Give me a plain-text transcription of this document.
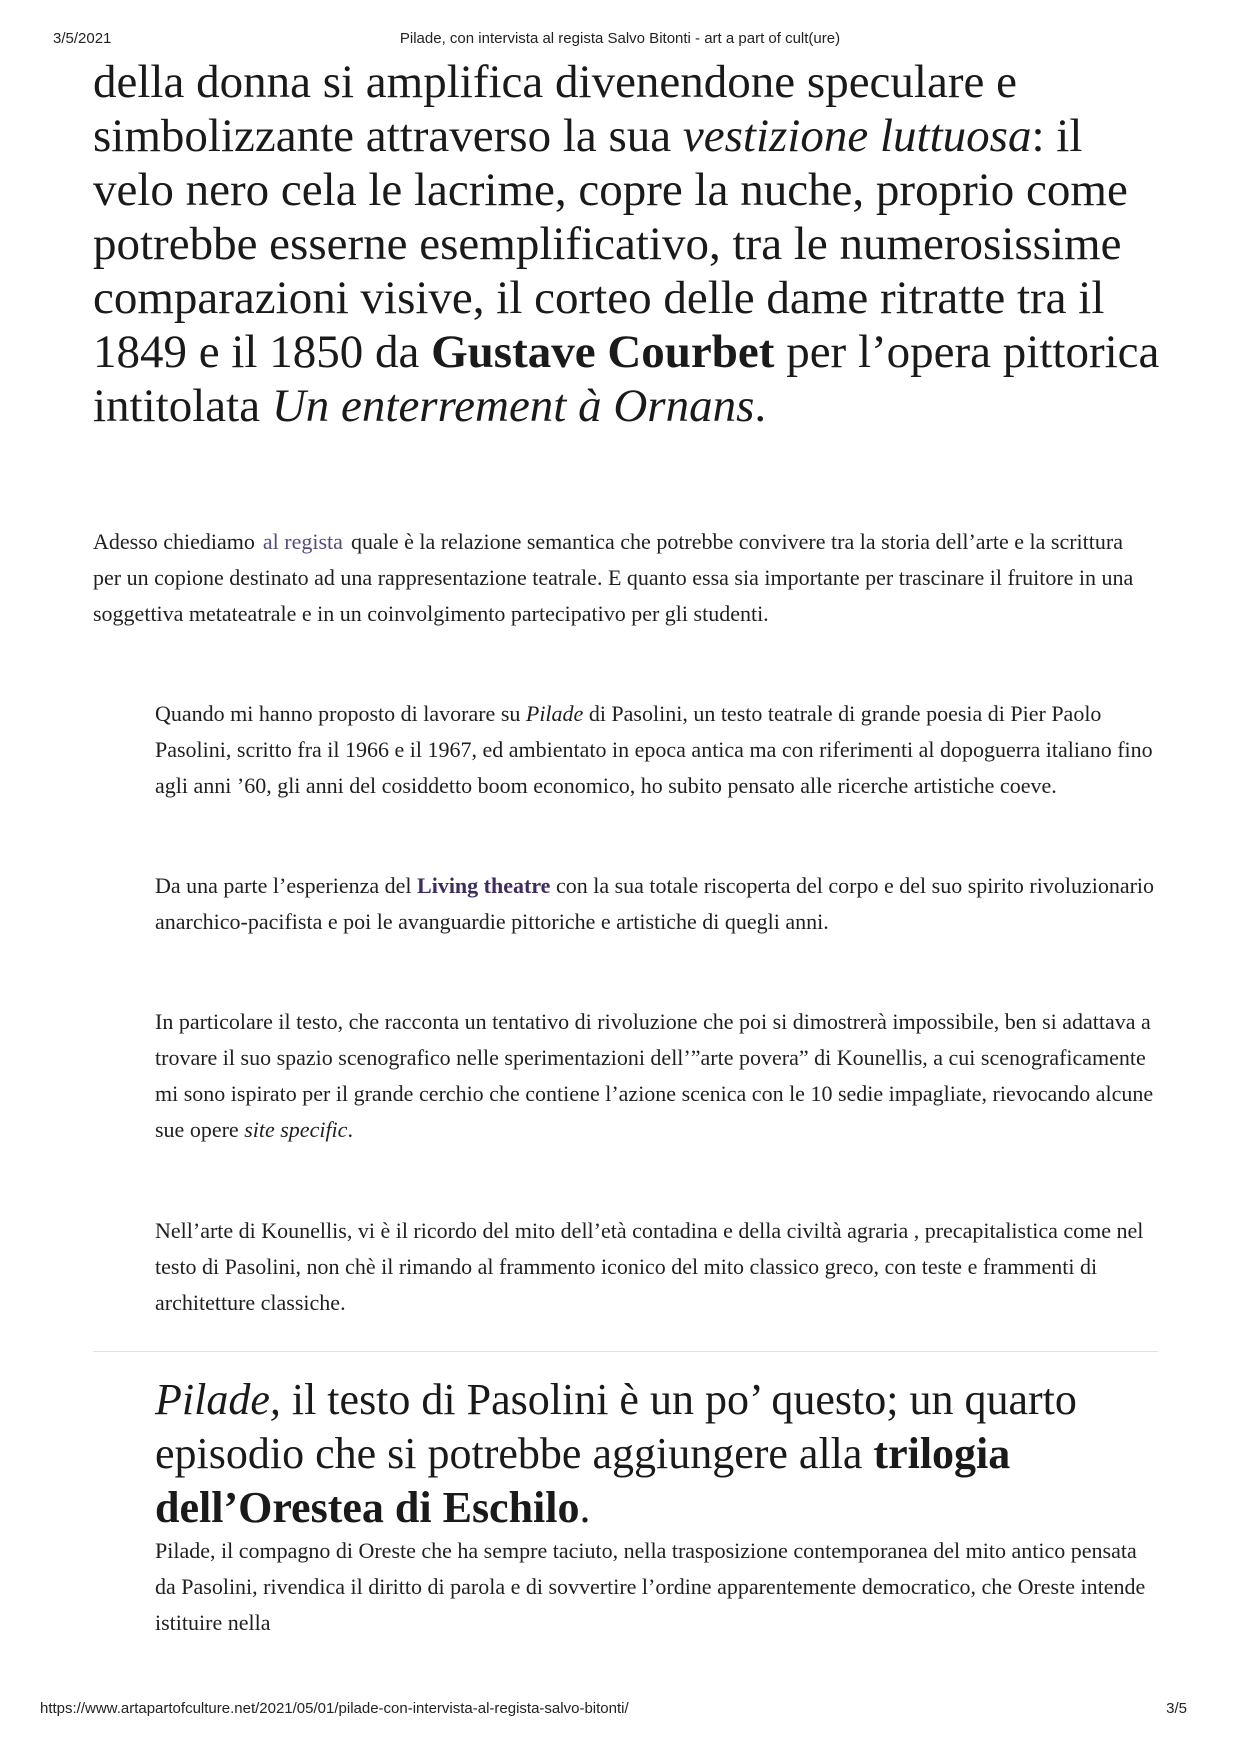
3/5/2021	Pilade, con intervista al regista Salvo Bitonti - art a part of cult(ure)

della donna si amplifica divenendone speculare e simbolizzante attraverso la sua vestizione luttuosa: il velo nero cela le lacrime, copre la nuche, proprio come potrebbe esserne esemplificativo, tra le numerosissime comparazioni visive, il corteo delle dame ritratte tra il 1849 e il 1850 da Gustave Courbet per l’opera pittorica intitolata Un enterrement à Ornans.

Adesso chiediamo al regista quale è la relazione semantica che potrebbe convivere tra la storia dell’arte e la scrittura per un copione destinato ad una rappresentazione teatrale. E quanto essa sia importante per trascinare il fruitore in una soggettiva metateatrale e in un coinvolgimento partecipativo per gli studenti.

Quando mi hanno proposto di lavorare su Pilade di Pasolini, un testo teatrale di grande poesia di Pier Paolo Pasolini, scritto fra il 1966 e il 1967, ed ambientato in epoca antica ma con riferimenti al dopoguerra italiano fino agli anni ’60, gli anni del cosiddetto boom economico, ho subito pensato alle ricerche artistiche coeve.

Da una parte l’esperienza del Living theatre con la sua totale riscoperta del corpo e del suo spirito rivoluzionario anarchico-pacifista e poi le avanguardie pittoriche e artistiche di quegli anni.

In particolare il testo, che racconta un tentativo di rivoluzione che poi si dimostrerà impossibile, ben si adattava a trovare il suo spazio scenografico nelle sperimentazioni dell’”arte povera” di Kounellis, a cui scenograficamente mi sono ispirato per il grande cerchio che contiene l’azione scenica con le 10 sedie impagliate, rievocando alcune sue opere site specific.

Nell’arte di Kounellis, vi è il ricordo del mito dell’età contadina e della civiltà agraria , precapitalistica come nel testo di Pasolini, non chè il rimando al frammento iconico del mito classico greco, con teste e frammenti di architetture classiche.

Pilade, il testo di Pasolini è un po’ questo; un quarto episodio che si potrebbe aggiungere alla trilogia dell’Orestea di Eschilo.

Pilade, il compagno di Oreste che ha sempre taciuto, nella trasposizione contemporanea del mito antico pensata da Pasolini, rivendica il diritto di parola e di sovvertire l’ordine apparentemente democratico, che Oreste intende istituire nella

https://www.artapartofculture.net/2021/05/01/pilade-con-intervista-al-regista-salvo-bitonti/	3/5
